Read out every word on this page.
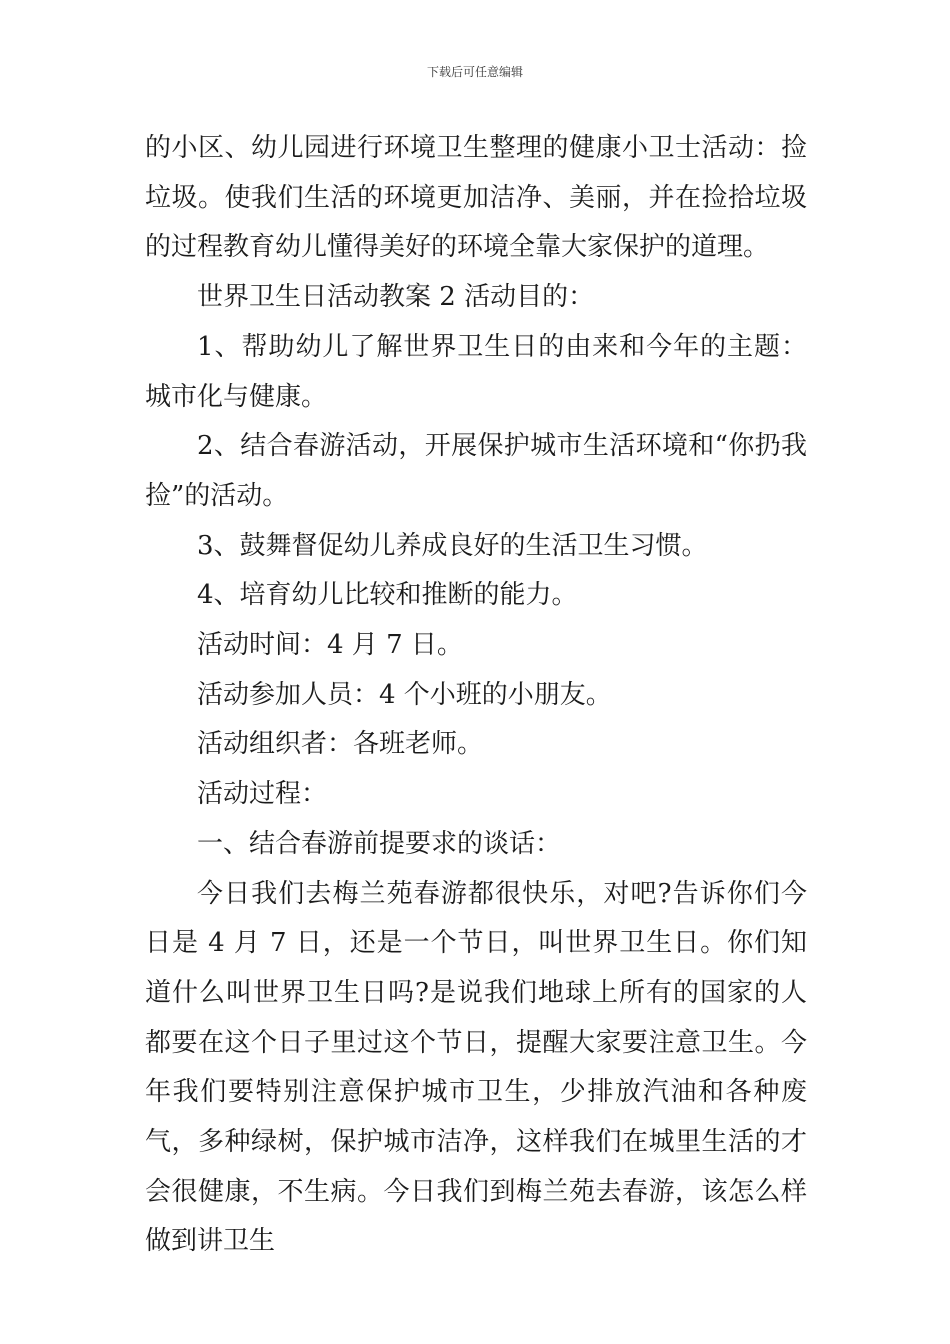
下载后可任意编辑

的小区、幼儿园进行环境卫生整理的健康小卫士活动：捡垃圾。使我们生活的环境更加洁净、美丽，并在捡拾垃圾的过程教育幼儿懂得美好的环境全靠大家保护的道理。

世界卫生日活动教案 2 活动目的：

1、帮助幼儿了解世界卫生日的由来和今年的主题：城市化与健康。

2、结合春游活动，开展保护城市生活环境和“你扔我捡”的活动。

3、鼓舞督促幼儿养成良好的生活卫生习惯。

4、培育幼儿比较和推断的能力。

活动时间：4 月 7 日。

活动参加人员：4 个小班的小朋友。

活动组织者：各班老师。

活动过程：

一、结合春游前提要求的谈话：

今日我们去梅兰苑春游都很快乐，对吧?告诉你们今日是 4 月 7 日，还是一个节日，叫世界卫生日。你们知道什么叫世界卫生日吗?是说我们地球上所有的国家的人都要在这个日子里过这个节日，提醒大家要注意卫生。今年我们要特别注意保护城市卫生，少排放汽油和各种废气，多种绿树，保护城市洁净，这样我们在城里生活的才会很健康，不生病。今日我们到梅兰苑去春游，该怎么样做到讲卫生
